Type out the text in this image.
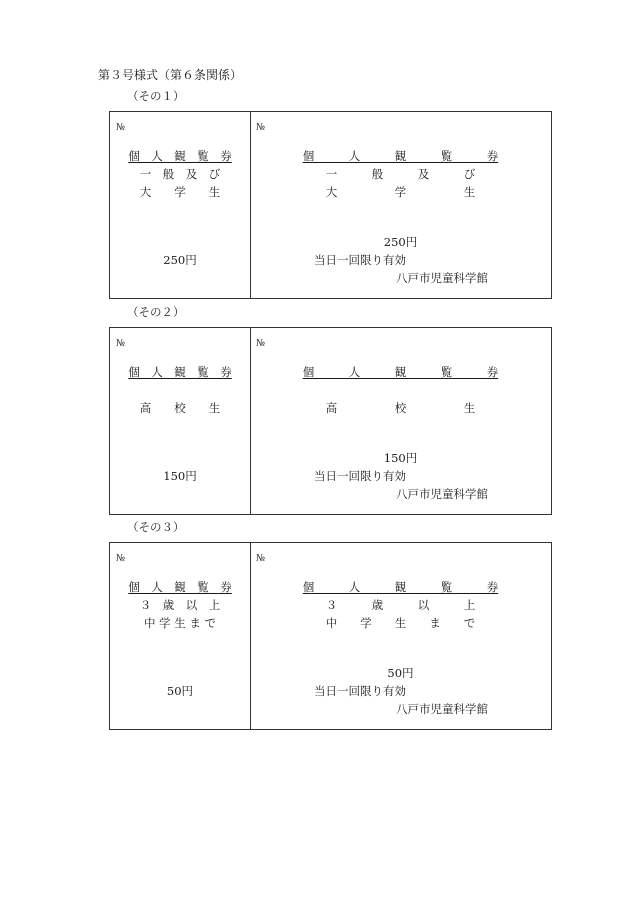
第３号様式（第６条関係）
（その１）
№
個　人　観　覧　券
一　般　及　び
大　　学　　生
250円
№
個　　　人　　　観　　　覧　　　券
一　　　般　　　及　　　び
大　　　　　学　　　　　生
250円
当日一回限り有効
八戸市児童科学館
（その２）
№
個　人　観　覧　券
高　　校　　生
150円
№
個　　　人　　　観　　　覧　　　券
高　　　　　校　　　　　生
150円
当日一回限り有効
八戸市児童科学館
（その３）
№
個　人　観　覧　券
３　歳　以　上
中 学 生 ま で
50円
№
個　　　人　　　観　　　覧　　　券
３　　　歳　　　以　　　上
中　　学　　生　　ま　　で
50円
当日一回限り有効
八戸市児童科学館
